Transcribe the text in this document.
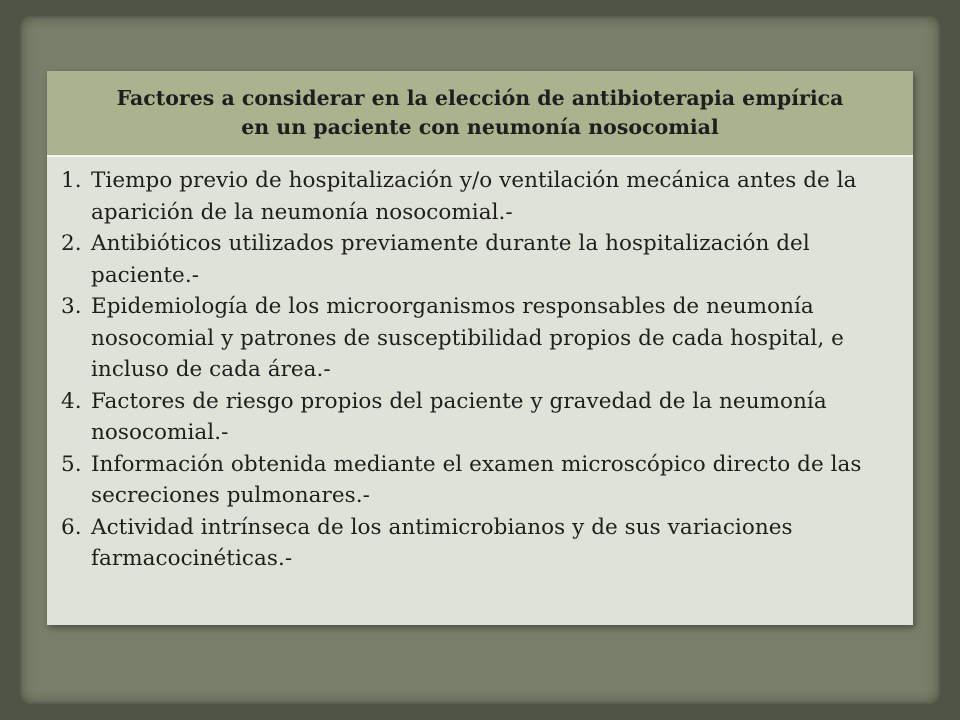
Factores a considerar en la elección de antibioterapia empírica
en un paciente con neumonía nosocomial
1. Tiempo previo de hospitalización y/o ventilación mecánica antes de la aparición de la neumonía nosocomial.-
2. Antibióticos utilizados previamente durante la hospitalización del paciente.-
3. Epidemiología de los microorganismos responsables de neumonía nosocomial y patrones de susceptibilidad propios de cada hospital, e incluso de cada área.-
4. Factores de riesgo propios del paciente y gravedad de la neumonía nosocomial.-
5. Información obtenida mediante el examen microscópico directo de las secreciones pulmonares.-
6. Actividad intrínseca de los antimicrobianos y de sus variaciones farmacocinéticas.-
